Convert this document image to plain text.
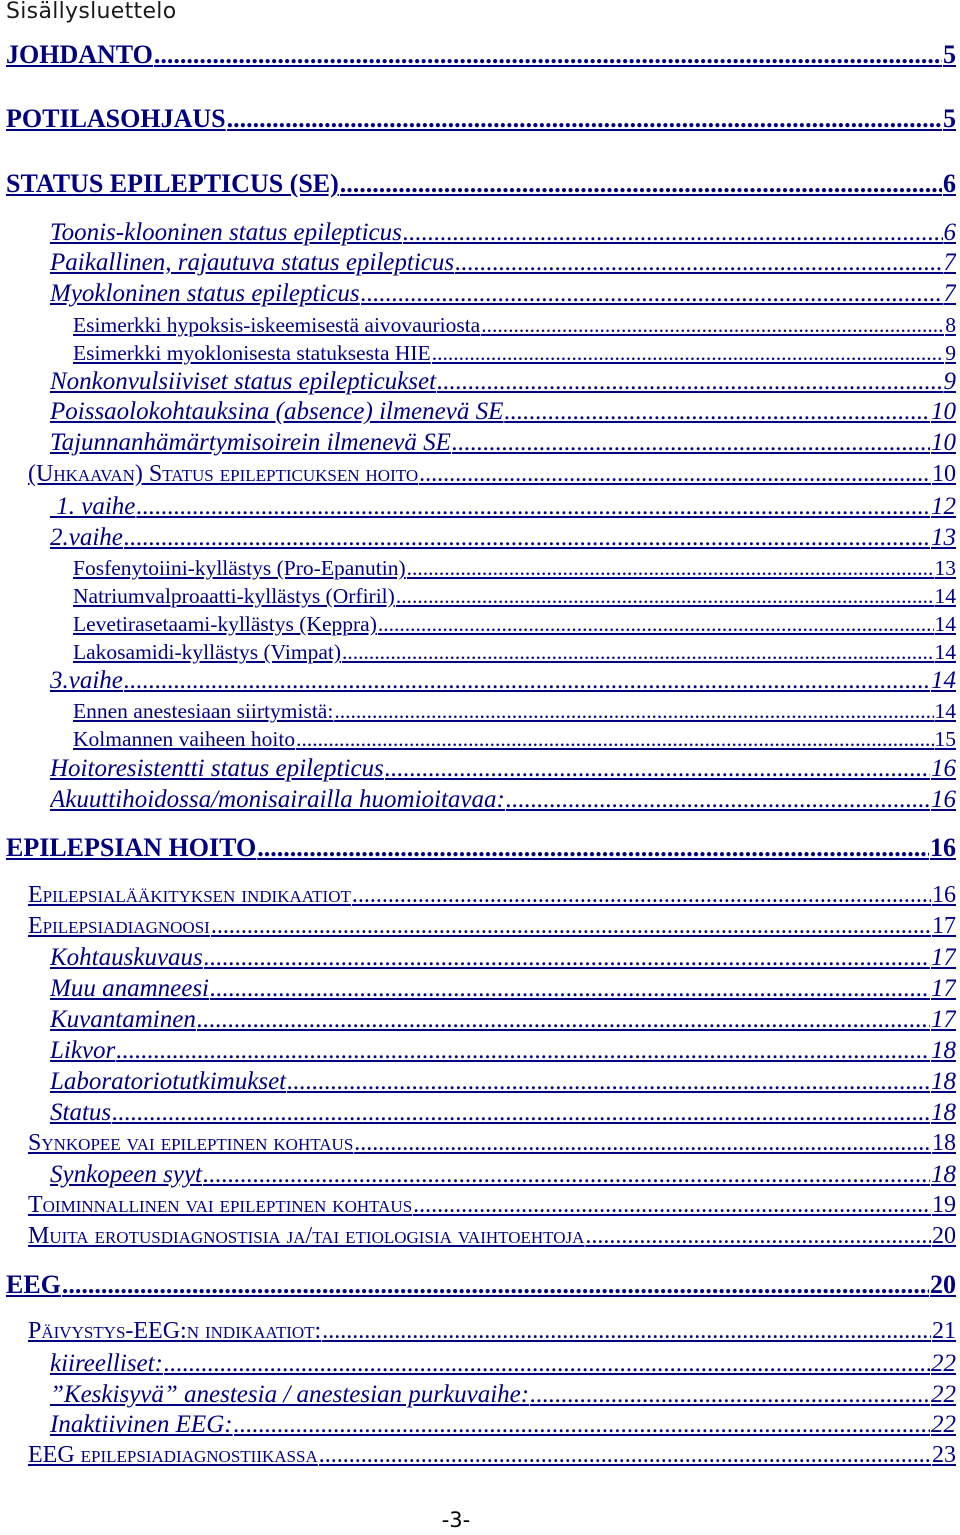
Sisällysluettelo
JOHDANTO .....	5
POTILASOHJAUS .....	5
STATUS EPILEPTICUS (SE) .....	6
Toonis-klooninen status epilepticus .....	6
Paikallinen, rajautuva status epilepticus .....	7
Myokloninen status epilepticus .....	7
Esimerkki hypoksis-iskeemisestä aivovauriosta .....	8
Esimerkki myoklonisesta statuksesta HIE .....	9
Nonkonvulsiiviset status epilepticukset .....	9
Poissaolokohtauksina (absence) ilmenevä SE .....	10
Tajunnanhämärtymisoirein ilmenevä SE .....	10
(Uhkaavan) Status epilepticuksen hoito .....	10
1. vaihe .....	12
2.vaihe .....	13
Fosfenytoiini-kyllästys (Pro-Epanutin) .....	13
Natriumvalproaatti-kyllästys (Orfiril) .....	14
Levetirasetaami-kyllästys (Keppra) .....	14
Lakosamidi-kyllästys (Vimpat) .....	14
3.vaihe .....	14
Ennen anestesiaan siirtymistä: .....	14
Kolmannen vaiheen hoito .....	15
Hoitoresistentti status epilepticus .....	16
Akuuttihoidossa/monisairailla huomioitavaa: .....	16
EPILEPSIAN HOITO .....	16
Epilepsialääkityksen indikaatiot .....	16
Epilepsiadiagnoosi .....	17
Kohtauskuvaus .....	17
Muu anamneesi .....	17
Kuvantaminen .....	17
Likvor .....	18
Laboratoriotutkimukset .....	18
Status .....	18
Synkopee vai epileptinen kohtaus .....	18
Synkopeen syyt .....	18
Toiminnallinen vai epileptinen kohtaus .....	19
Muita erotusdiagnostisia ja/tai etiologisia vaihtoehtoja .....	20
EEG .....	20
Päivystys-EEG:n indikaatiot: .....	21
kiireelliset: .....	22
”Keskisyvä” anestesia / anestesian purkuvaihe: .....	22
Inaktiivinen EEG: .....	22
EEG epilepsiadiagnostiikassa .....	23
-3-
